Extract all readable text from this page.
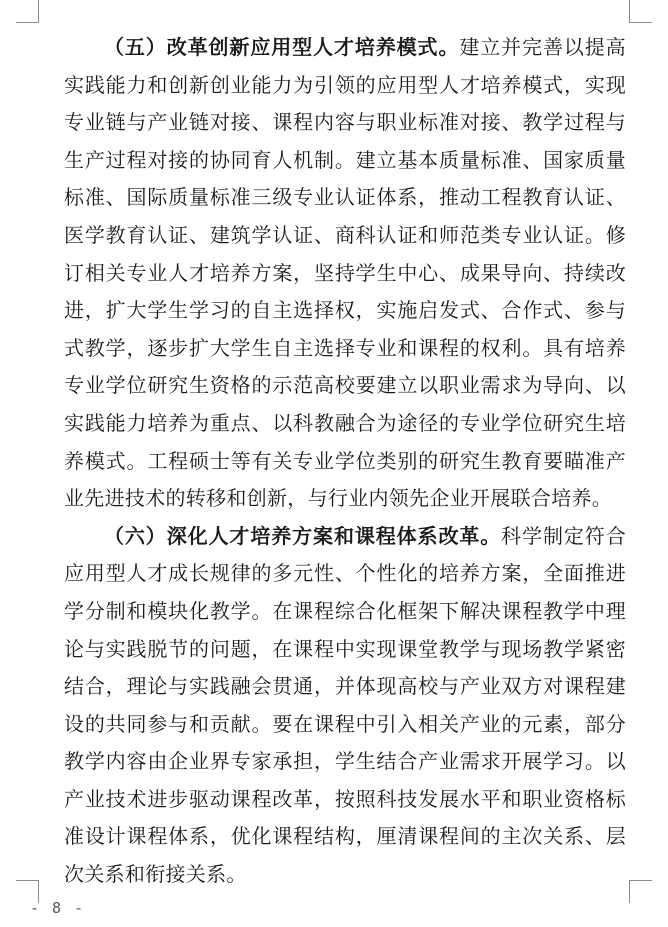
（五）改革创新应用型人才培养模式。建立并完善以提高实践能力和创新创业能力为引领的应用型人才培养模式，实现专业链与产业链对接、课程内容与职业标准对接、教学过程与生产过程对接的协同育人机制。建立基本质量标准、国家质量标准、国际质量标准三级专业认证体系，推动工程教育认证、医学教育认证、建筑学认证、商科认证和师范类专业认证。修订相关专业人才培养方案，坚持学生中心、成果导向、持续改进，扩大学生学习的自主选择权，实施启发式、合作式、参与式教学，逐步扩大学生自主选择专业和课程的权利。具有培养专业学位研究生资格的示范高校要建立以职业需求为导向、以实践能力培养为重点、以科教融合为途径的专业学位研究生培养模式。工程硕士等有关专业学位类别的研究生教育要瞄准产业先进技术的转移和创新，与行业内领先企业开展联合培养。

（六）深化人才培养方案和课程体系改革。科学制定符合应用型人才成长规律的多元性、个性化的培养方案，全面推进学分制和模块化教学。在课程综合化框架下解决课程教学中理论与实践脱节的问题，在课程中实现课堂教学与现场教学紧密结合，理论与实践融会贯通，并体现高校与产业双方对课程建设的共同参与和贡献。要在课程中引入相关产业的元素，部分教学内容由企业界专家承担，学生结合产业需求开展学习。以产业技术进步驱动课程改革，按照科技发展水平和职业资格标准设计课程体系，优化课程结构，厘清课程间的主次关系、层次关系和衔接关系。

- 8 -
